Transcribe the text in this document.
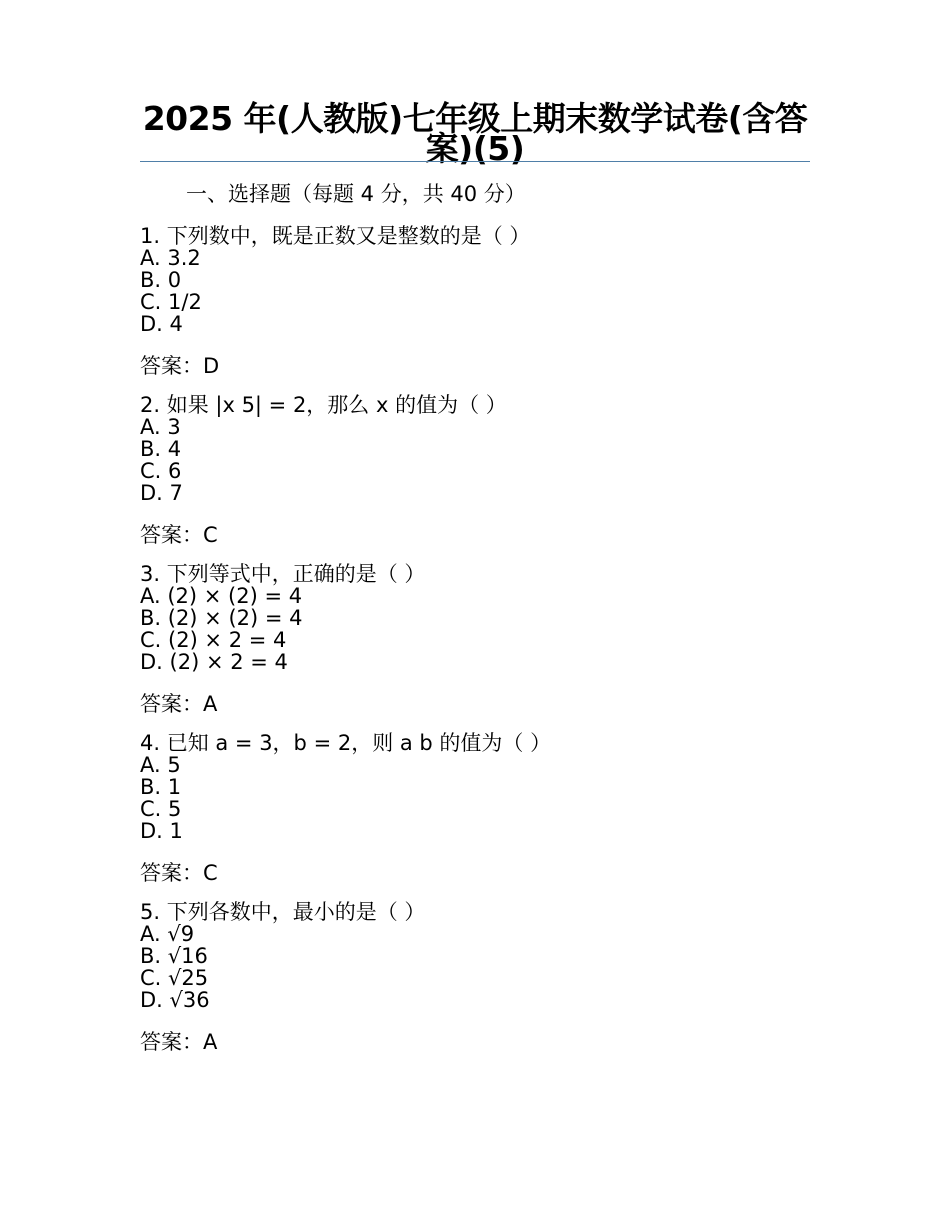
2025 年(人教版)七年级上期末数学试卷(含答案)(5)
一、选择题（每题 4 分，共 40 分）
1. 下列数中，既是正数又是整数的是（ ）
A. 3.2
B. 0
C. 1/2
D. 4
答案：D
2. 如果 |x 5| = 2，那么 x 的值为（ ）
A. 3
B. 4
C. 6
D. 7
答案：C
3. 下列等式中，正确的是（ ）
A. (2) × (2) = 4
B. (2) × (2) = 4
C. (2) × 2 = 4
D. (2) × 2 = 4
答案：A
4. 已知 a = 3，b = 2，则 a b 的值为（ ）
A. 5
B. 1
C. 5
D. 1
答案：C
5. 下列各数中，最小的是（ ）
A. √9
B. √16
C. √25
D. √36
答案：A
